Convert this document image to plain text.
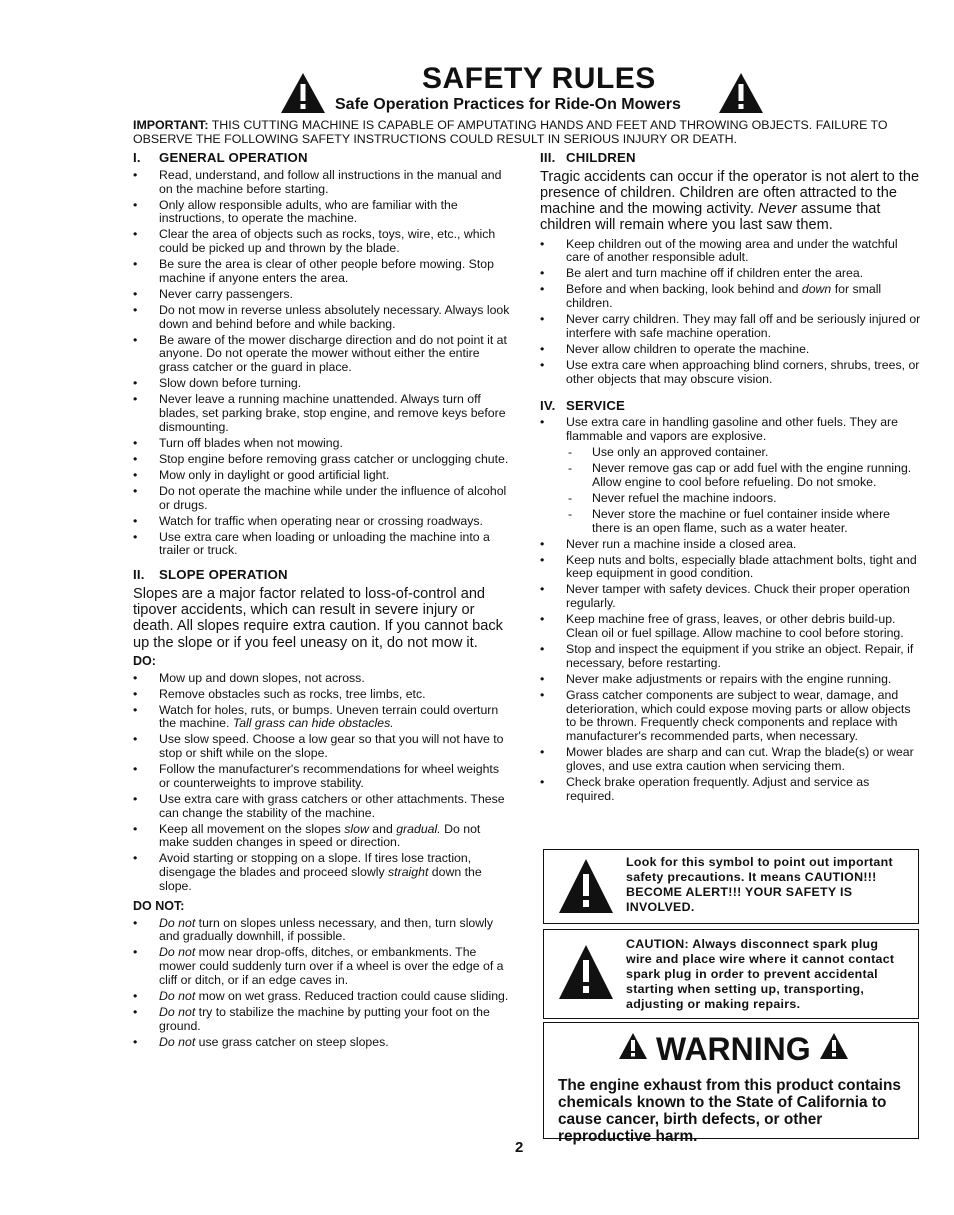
SAFETY RULES
Safe Operation Practices for Ride-On Mowers
IMPORTANT: THIS CUTTING MACHINE IS CAPABLE OF AMPUTATING HANDS AND FEET AND THROWING OBJECTS. FAILURE TO OBSERVE THE FOLLOWING SAFETY INSTRUCTIONS COULD RESULT IN SERIOUS INJURY OR DEATH.
I. GENERAL OPERATION
• Read, understand, and follow all instructions in the manual and on the machine before starting.
• Only allow responsible adults, who are familiar with the instructions, to operate the machine.
• Clear the area of objects such as rocks, toys, wire, etc., which could be picked up and thrown by the blade.
• Be sure the area is clear of other people before mowing. Stop machine if anyone enters the area.
• Never carry passengers.
• Do not mow in reverse unless absolutely necessary. Always look down and behind before and while backing.
• Be aware of the mower discharge direction and do not point it at anyone. Do not operate the mower without either the entire grass catcher or the guard in place.
• Slow down before turning.
• Never leave a running machine unattended. Always turn off blades, set parking brake, stop engine, and remove keys before dismounting.
• Turn off blades when not mowing.
• Stop engine before removing grass catcher or unclogging chute.
• Mow only in daylight or good artificial light.
• Do not operate the machine while under the influence of alcohol or drugs.
• Watch for traffic when operating near or crossing roadways.
• Use extra care when loading or unloading the machine into a trailer or truck.
II. SLOPE OPERATION

Slopes are a major factor related to loss-of-control and tipover accidents, which can result in severe injury or death. All slopes require extra caution. If you cannot back up the slope or if you feel uneasy on it, do not mow it.

DO:
• Mow up and down slopes, not across.
• Remove obstacles such as rocks, tree limbs, etc.
• Watch for holes, ruts, or bumps. Uneven terrain could overturn the machine. Tall grass can hide obstacles.
• Use slow speed. Choose a low gear so that you will not have to stop or shift while on the slope.
• Follow the manufacturer's recommendations for wheel weights or counterweights to improve stability.
• Use extra care with grass catchers or other attachments. These can change the stability of the machine.
• Keep all movement on the slopes slow and gradual. Do not make sudden changes in speed or direction.
• Avoid starting or stopping on a slope. If tires lose traction, disengage the blades and proceed slowly straight down the slope.
DO NOT:
• Do not turn on slopes unless necessary, and then, turn slowly and gradually downhill, if possible.
• Do not mow near drop-offs, ditches, or embankments. The mower could suddenly turn over if a wheel is over the edge of a cliff or ditch, or if an edge caves in.
• Do not mow on wet grass. Reduced traction could cause sliding.
• Do not try to stabilize the machine by putting your foot on the ground.
• Do not use grass catcher on steep slopes.
III. CHILDREN

Tragic accidents can occur if the operator is not alert to the presence of children. Children are often attracted to the machine and the mowing activity. Never assume that children will remain where you last saw them.

• Keep children out of the mowing area and under the watchful care of another responsible adult.
• Be alert and turn machine off if children enter the area.
• Before and when backing, look behind and down for small children.
• Never carry children. They may fall off and be seriously injured or interfere with safe machine operation.
• Never allow children to operate the machine.
• Use extra care when approaching blind corners, shrubs, trees, or other objects that may obscure vision.
IV. SERVICE
• Use extra care in handling gasoline and other fuels. They are flammable and vapors are explosive.
- Use only an approved container.
- Never remove gas cap or add fuel with the engine running. Allow engine to cool before refueling. Do not smoke.
- Never refuel the machine indoors.
- Never store the machine or fuel container inside where there is an open flame, such as a water heater.
• Never run a machine inside a closed area.
• Keep nuts and bolts, especially blade attachment bolts, tight and keep equipment in good condition.
• Never tamper with safety devices. Chuck their proper operation regularly.
• Keep machine free of grass, leaves, or other debris build-up. Clean oil or fuel spillage. Allow machine to cool before storing.
• Stop and inspect the equipment if you strike an object. Repair, if necessary, before restarting.
• Never make adjustments or repairs with the engine running.
• Grass catcher components are subject to wear, damage, and deterioration, which could expose moving parts or allow objects to be thrown. Frequently check components and replace with manufacturer's recommended parts, when necessary.
• Mower blades are sharp and can cut. Wrap the blade(s) or wear gloves, and use extra caution when servicing them.
• Check brake operation frequently. Adjust and service as required.
Look for this symbol to point out important safety precautions. It means CAUTION!!! BECOME ALERT!!! YOUR SAFETY IS INVOLVED.
CAUTION: Always disconnect spark plug wire and place wire where it cannot contact spark plug in order to prevent accidental starting when setting up, transporting, adjusting or making repairs.
WARNING
The engine exhaust from this product contains chemicals known to the State of California to cause cancer, birth defects, or other reproductive harm.
2
